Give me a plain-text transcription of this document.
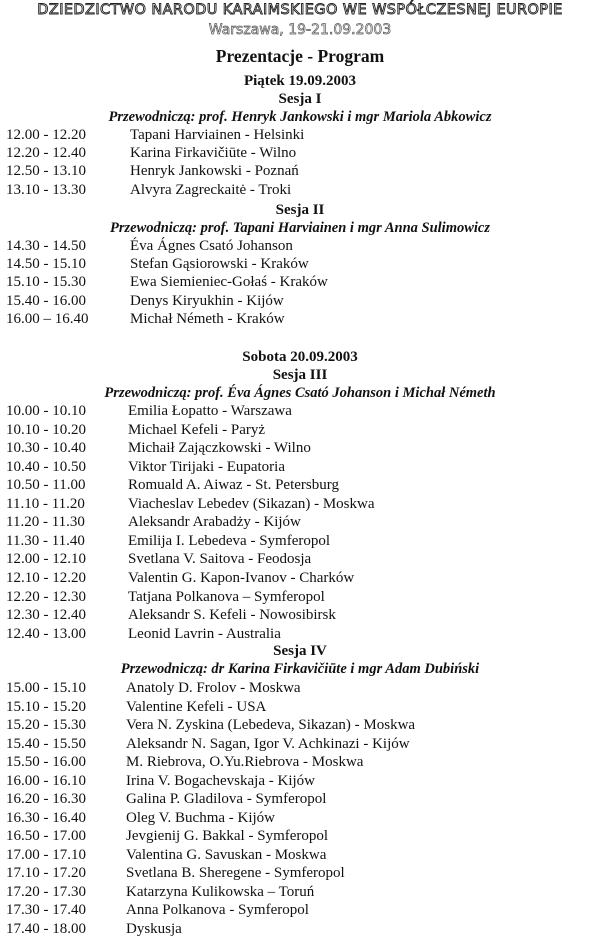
DZIEDZICTWO NARODU KARAIMSKIEGO WE WSPÓŁCZESNEJ EUROPIE
Warszawa, 19-21.09.2003
Prezentacje - Program
Piątek 19.09.2003
Sesja I
Przewodniczą: prof. Henryk Jankowski i mgr Mariola Abkowicz
12.00 - 12.20	Tapani Harviainen - Helsinki
12.20 - 12.40	Karina Firkavičiūte - Wilno
12.50 - 13.10	Henryk Jankowski - Poznań
13.10 - 13.30	Alvyra Zagreckaitė - Troki
Sesja II
Przewodniczą: prof. Tapani Harviainen i mgr Anna Sulimowicz
14.30 - 14.50	Éva Ágnes Csató Johanson
14.50 - 15.10	Stefan Gąsiorowski - Kraków
15.10 - 15.30	Ewa Siemieniec-Gołaś - Kraków
15.40 - 16.00	Denys Kiryukhin - Kijów
16.00 – 16.40	Michał Németh - Kraków
Sobota 20.09.2003
Sesja III
Przewodniczą: prof. Éva Ágnes Csató Johanson i Michał Németh
10.00 - 10.10	Emilia Łopatto - Warszawa
10.10 - 10.20	Michael Kefeli - Paryż
10.30 - 10.40	Michaił Zajączkowski - Wilno
10.40 - 10.50	Viktor Tirijaki - Eupatoria
10.50 - 11.00	Romuald A. Aiwaz - St. Petersburg
11.10 - 11.20	Viacheslav Lebedev (Sikazan) - Moskwa
11.20 - 11.30	Aleksandr Arabadży - Kijów
11.30 - 11.40	Emilija I. Lebedeva - Symferopol
12.00 - 12.10	Svetlana V. Saitova - Feodosja
12.10 - 12.20	Valentin G. Kapon-Ivanov - Charków
12.20 - 12.30	Tatjana Polkanova – Symferopol
12.30 - 12.40	Aleksandr S. Kefeli - Nowosibirsk
12.40 - 13.00	Leonid Lavrin - Australia
Sesja IV
Przewodniczą: dr Karina Firkavičiūte i mgr Adam Dubiński
15.00 - 15.10	Anatoly D. Frolov - Moskwa
15.10 - 15.20	Valentine Kefeli - USA
15.20 - 15.30	Vera N. Zyskina (Lebedeva, Sikazan) - Moskwa
15.40 - 15.50	Aleksandr N. Sagan, Igor V. Achkinazi - Kijów
15.50 - 16.00	M. Riebrova, O.Yu.Riebrova - Moskwa
16.00 - 16.10	Irina V. Bogachevskaja - Kijów
16.20 - 16.30	Galina P. Gladilova - Symferopol
16.30 - 16.40	Oleg V. Buchma - Kijów
16.50 - 17.00	Jevgienij G. Bakkal - Symferopol
17.00 - 17.10	Valentina G. Savuskan - Moskwa
17.10 - 17.20	Svetlana B. Sheregene - Symferopol
17.20 - 17.30	Katarzyna Kulikowska – Toruń
17.30 - 17.40	Anna Polkanova - Symferopol
17.40 - 18.00	Dyskusja
